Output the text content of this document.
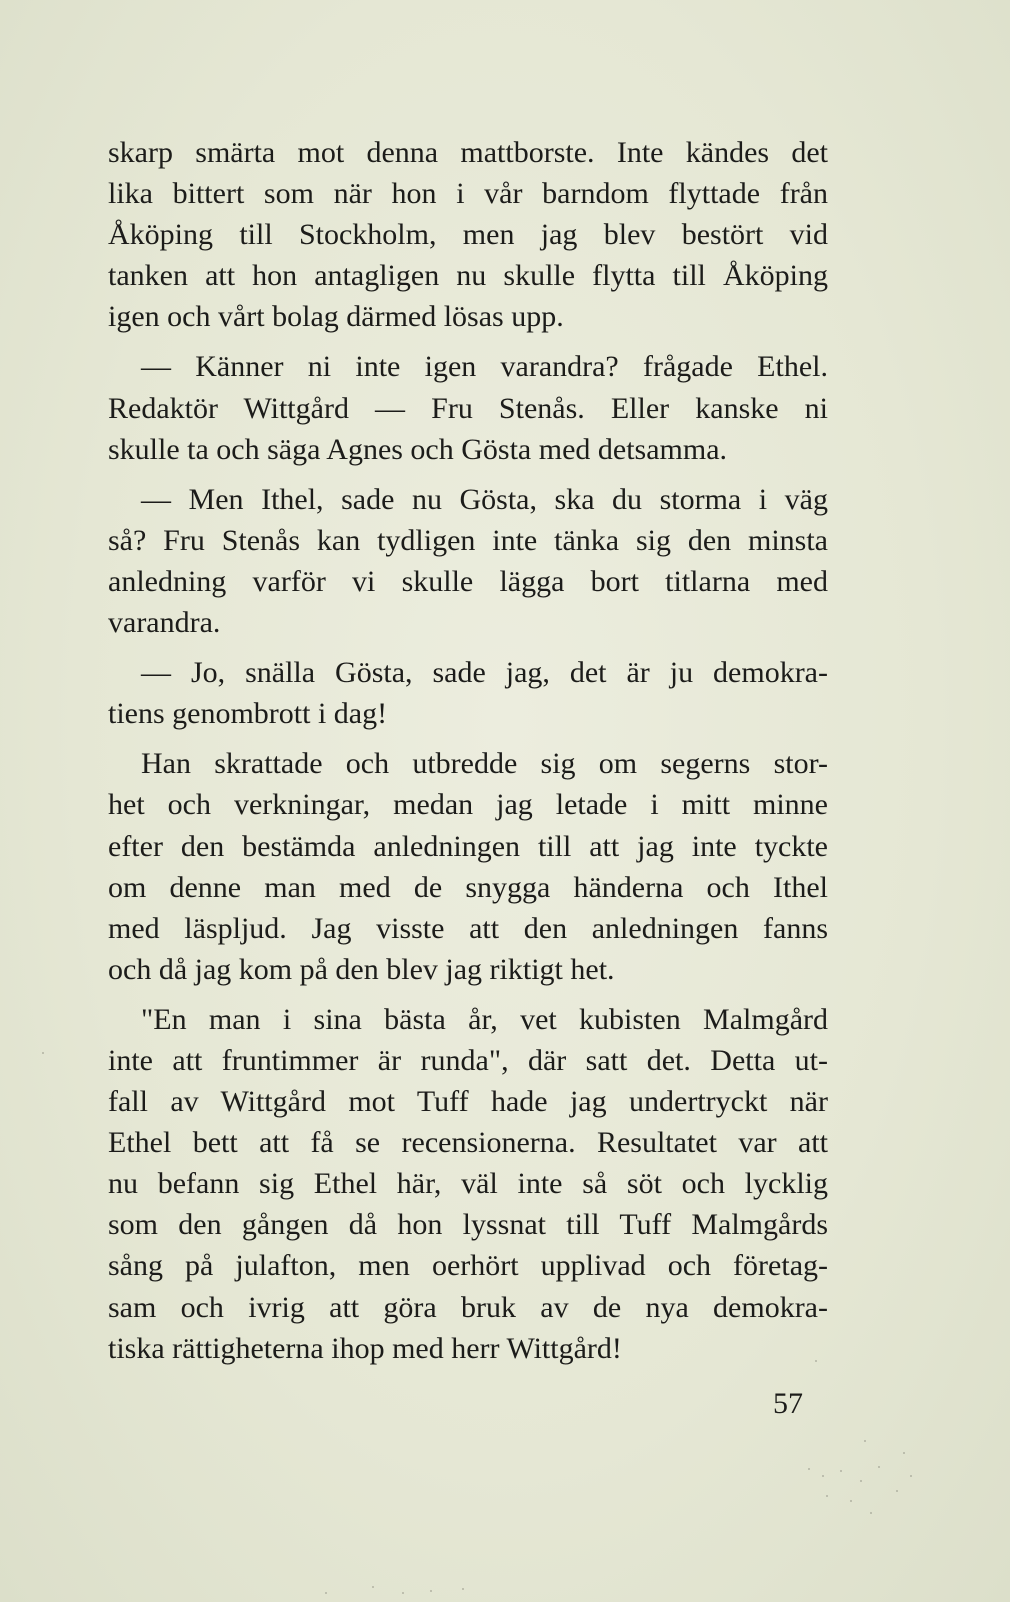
skarp smärta mot denna mattborste. Inte kändes det
lika bittert som när hon i vår barndom flyttade från
Åköping till Stockholm, men jag blev bestört vid
tanken att hon antagligen nu skulle flytta till Åköping
igen och vårt bolag därmed lösas upp.
— Känner ni inte igen varandra? frågade Ethel.
Redaktör Wittgård — Fru Stenås. Eller kanske ni
skulle ta och säga Agnes och Gösta med detsamma.
— Men Ithel, sade nu Gösta, ska du storma i väg
så? Fru Stenås kan tydligen inte tänka sig den minsta
anledning varför vi skulle lägga bort titlarna med
varandra.
— Jo, snälla Gösta, sade jag, det är ju demokra-
tiens genombrott i dag!
Han skrattade och utbredde sig om segerns stor-
het och verkningar, medan jag letade i mitt minne
efter den bestämda anledningen till att jag inte tyckte
om denne man med de snygga händerna och Ithel
med läspljud. Jag visste att den anledningen fanns
och då jag kom på den blev jag riktigt het.
"En man i sina bästa år, vet kubisten Malmgård
inte att fruntimmer är runda", där satt det. Detta ut-
fall av Wittgård mot Tuff hade jag undertryckt när
Ethel bett att få se recensionerna. Resultatet var att
nu befann sig Ethel här, väl inte så söt och lycklig
som den gången då hon lyssnat till Tuff Malmgårds
sång på julafton, men oerhört upplivad och företag-
sam och ivrig att göra bruk av de nya demokra-
tiska rättigheterna ihop med herr Wittgård!
57
